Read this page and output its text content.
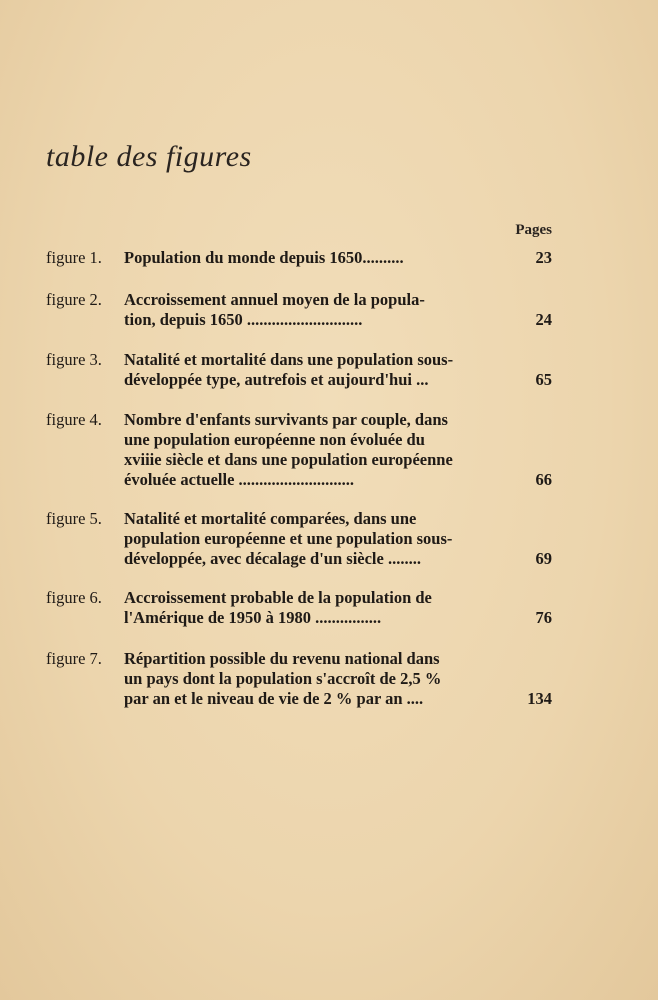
table des figures
Pages
figure 1.	Population du monde depuis 1650..........	23
figure 2.	Accroissement annuel moyen de la popula-
tion, depuis 1650 ............................	24
figure 3.	Natalité et mortalité dans une population sous-
développée type, autrefois et aujourd'hui ...	65
figure 4.	Nombre d'enfants survivants par couple, dans
une population européenne non évoluée du
xviiie siècle et dans une population européenne
évoluée actuelle ............................	66
figure 5.	Natalité et mortalité comparées, dans une
population européenne et une population sous-
développée, avec décalage d'un siècle ........	69
figure 6.	Accroissement probable de la population de
l'Amérique de 1950 à 1980 ................	76
figure 7.	Répartition possible du revenu national dans
un pays dont la population s'accroît de 2,5 %
par an et le niveau de vie de 2 % par an ....	134
